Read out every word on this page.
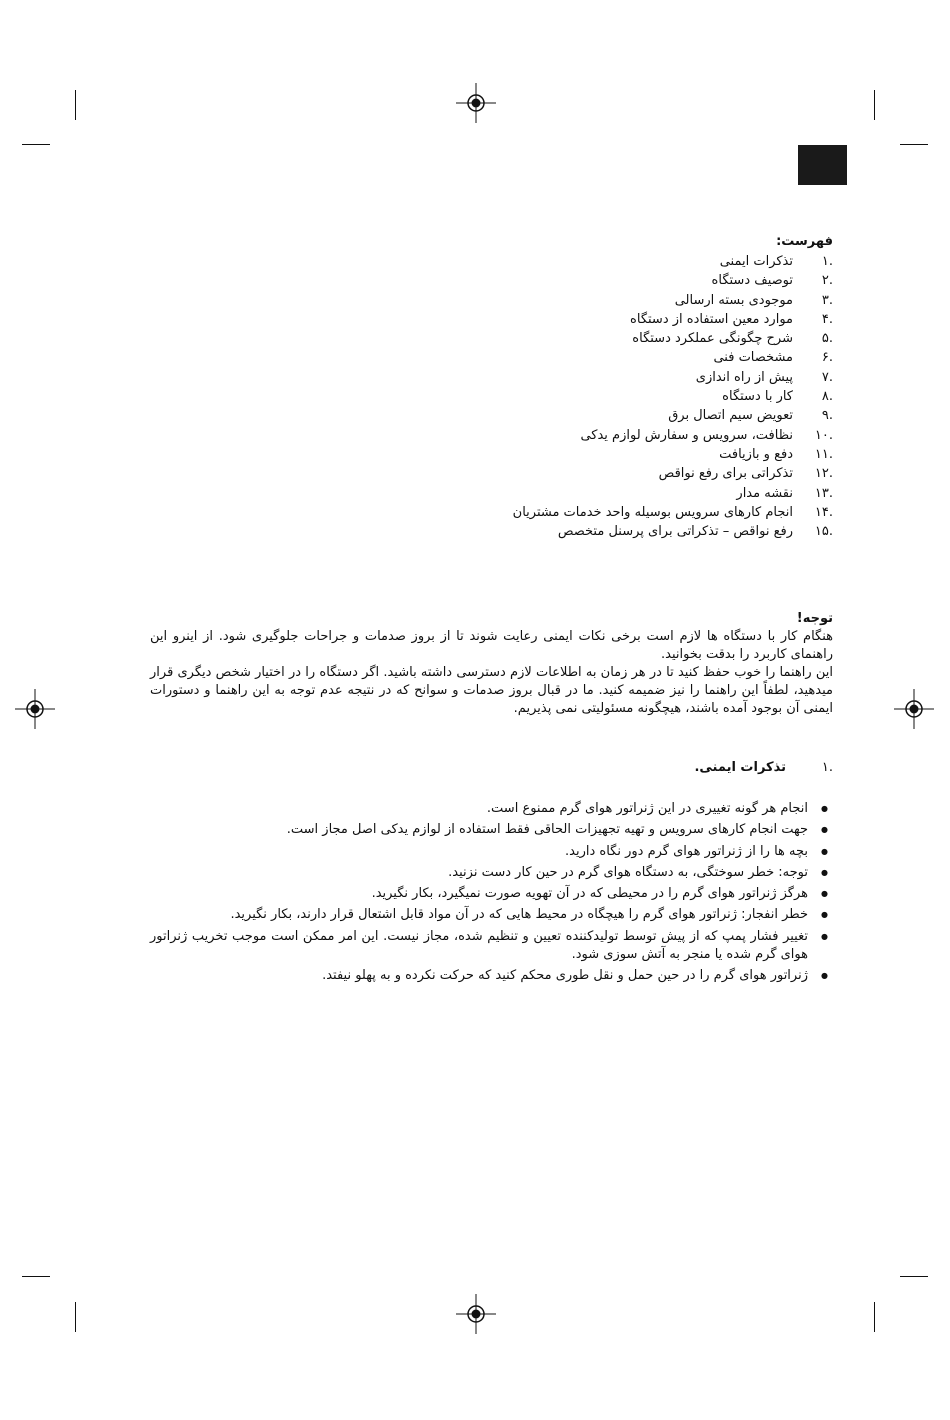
فهرست:
.۱تذکرات ایمنی
.۲توصیف دستگاه
.۳موجودی بسته ارسالی
.۴موارد معین استفاده از دستگاه
.۵شرح چگونگی عملکرد دستگاه
.۶مشخصات فنی
.۷پیش از راه اندازی
.۸کار با دستگاه
.۹تعویض سیم اتصال برق
.۱۰نظافت، سرویس و سفارش لوازم یدکی
.۱۱دفع و بازیافت
.۱۲تذکراتی برای رفع نواقص
.۱۳نقشه مدار
.۱۴انجام کارهای سرویس بوسیله واحد خدمات مشتریان
.۱۵رفع نواقص – تذکراتی برای پرسنل متخصص
توجه!

هنگام کار با دستگاه ها لازم است برخی نکات ایمنی رعایت شوند تا از بروز صدمات و جراحات جلوگیری شود. از اینرو این راهنمای کاربرد را بدقت بخوانید.

این راهنما را خوب حفظ کنید تا در هر زمان به اطلاعات لازم دسترسی داشته باشید. اگر دستگاه را در اختیار شخص دیگری قرار میدهید، لطفاً این راهنما را نیز ضمیمه کنید. ما در قبال بروز صدمات و سوانح که در نتیجه عدم توجه به این راهنما و دستورات ایمنی آن بوجود آمده باشند، هیچگونه مسئولیتی نمی پذیریم.

.۱تذکرات ایمنی.
● انجام هر گونه تغییری در این ژنراتور هوای گرم ممنوع است.
● جهت انجام کارهای سرویس و تهیه تجهیزات الحاقی فقط استفاده از لوازم یدکی اصل مجاز است.
● بچه ها را از ژنراتور هوای گرم دور نگاه دارید.
● توجه: خطر سوختگی، به دستگاه هوای گرم در حین کار دست نزنید.
● هرگز ژنراتور هوای گرم را در محیطی که در آن تهویه صورت نمیگیرد، بکار نگیرید.
● خطر انفجار: ژنراتور هوای گرم را هیچگاه در محیط هایی که در آن مواد قابل اشتعال قرار دارند، بکار نگیرید.
● تغییر فشار پمپ که از پیش توسط تولیدکننده تعیین و تنظیم شده، مجاز نیست. این امر ممکن است موجب تخریب ژنراتور هوای گرم شده یا منجر به آتش سوزی شود.
● ژنراتور هوای گرم را در حین حمل و نقل طوری محکم کنید که حرکت نکرده و به پهلو نیفتد.
